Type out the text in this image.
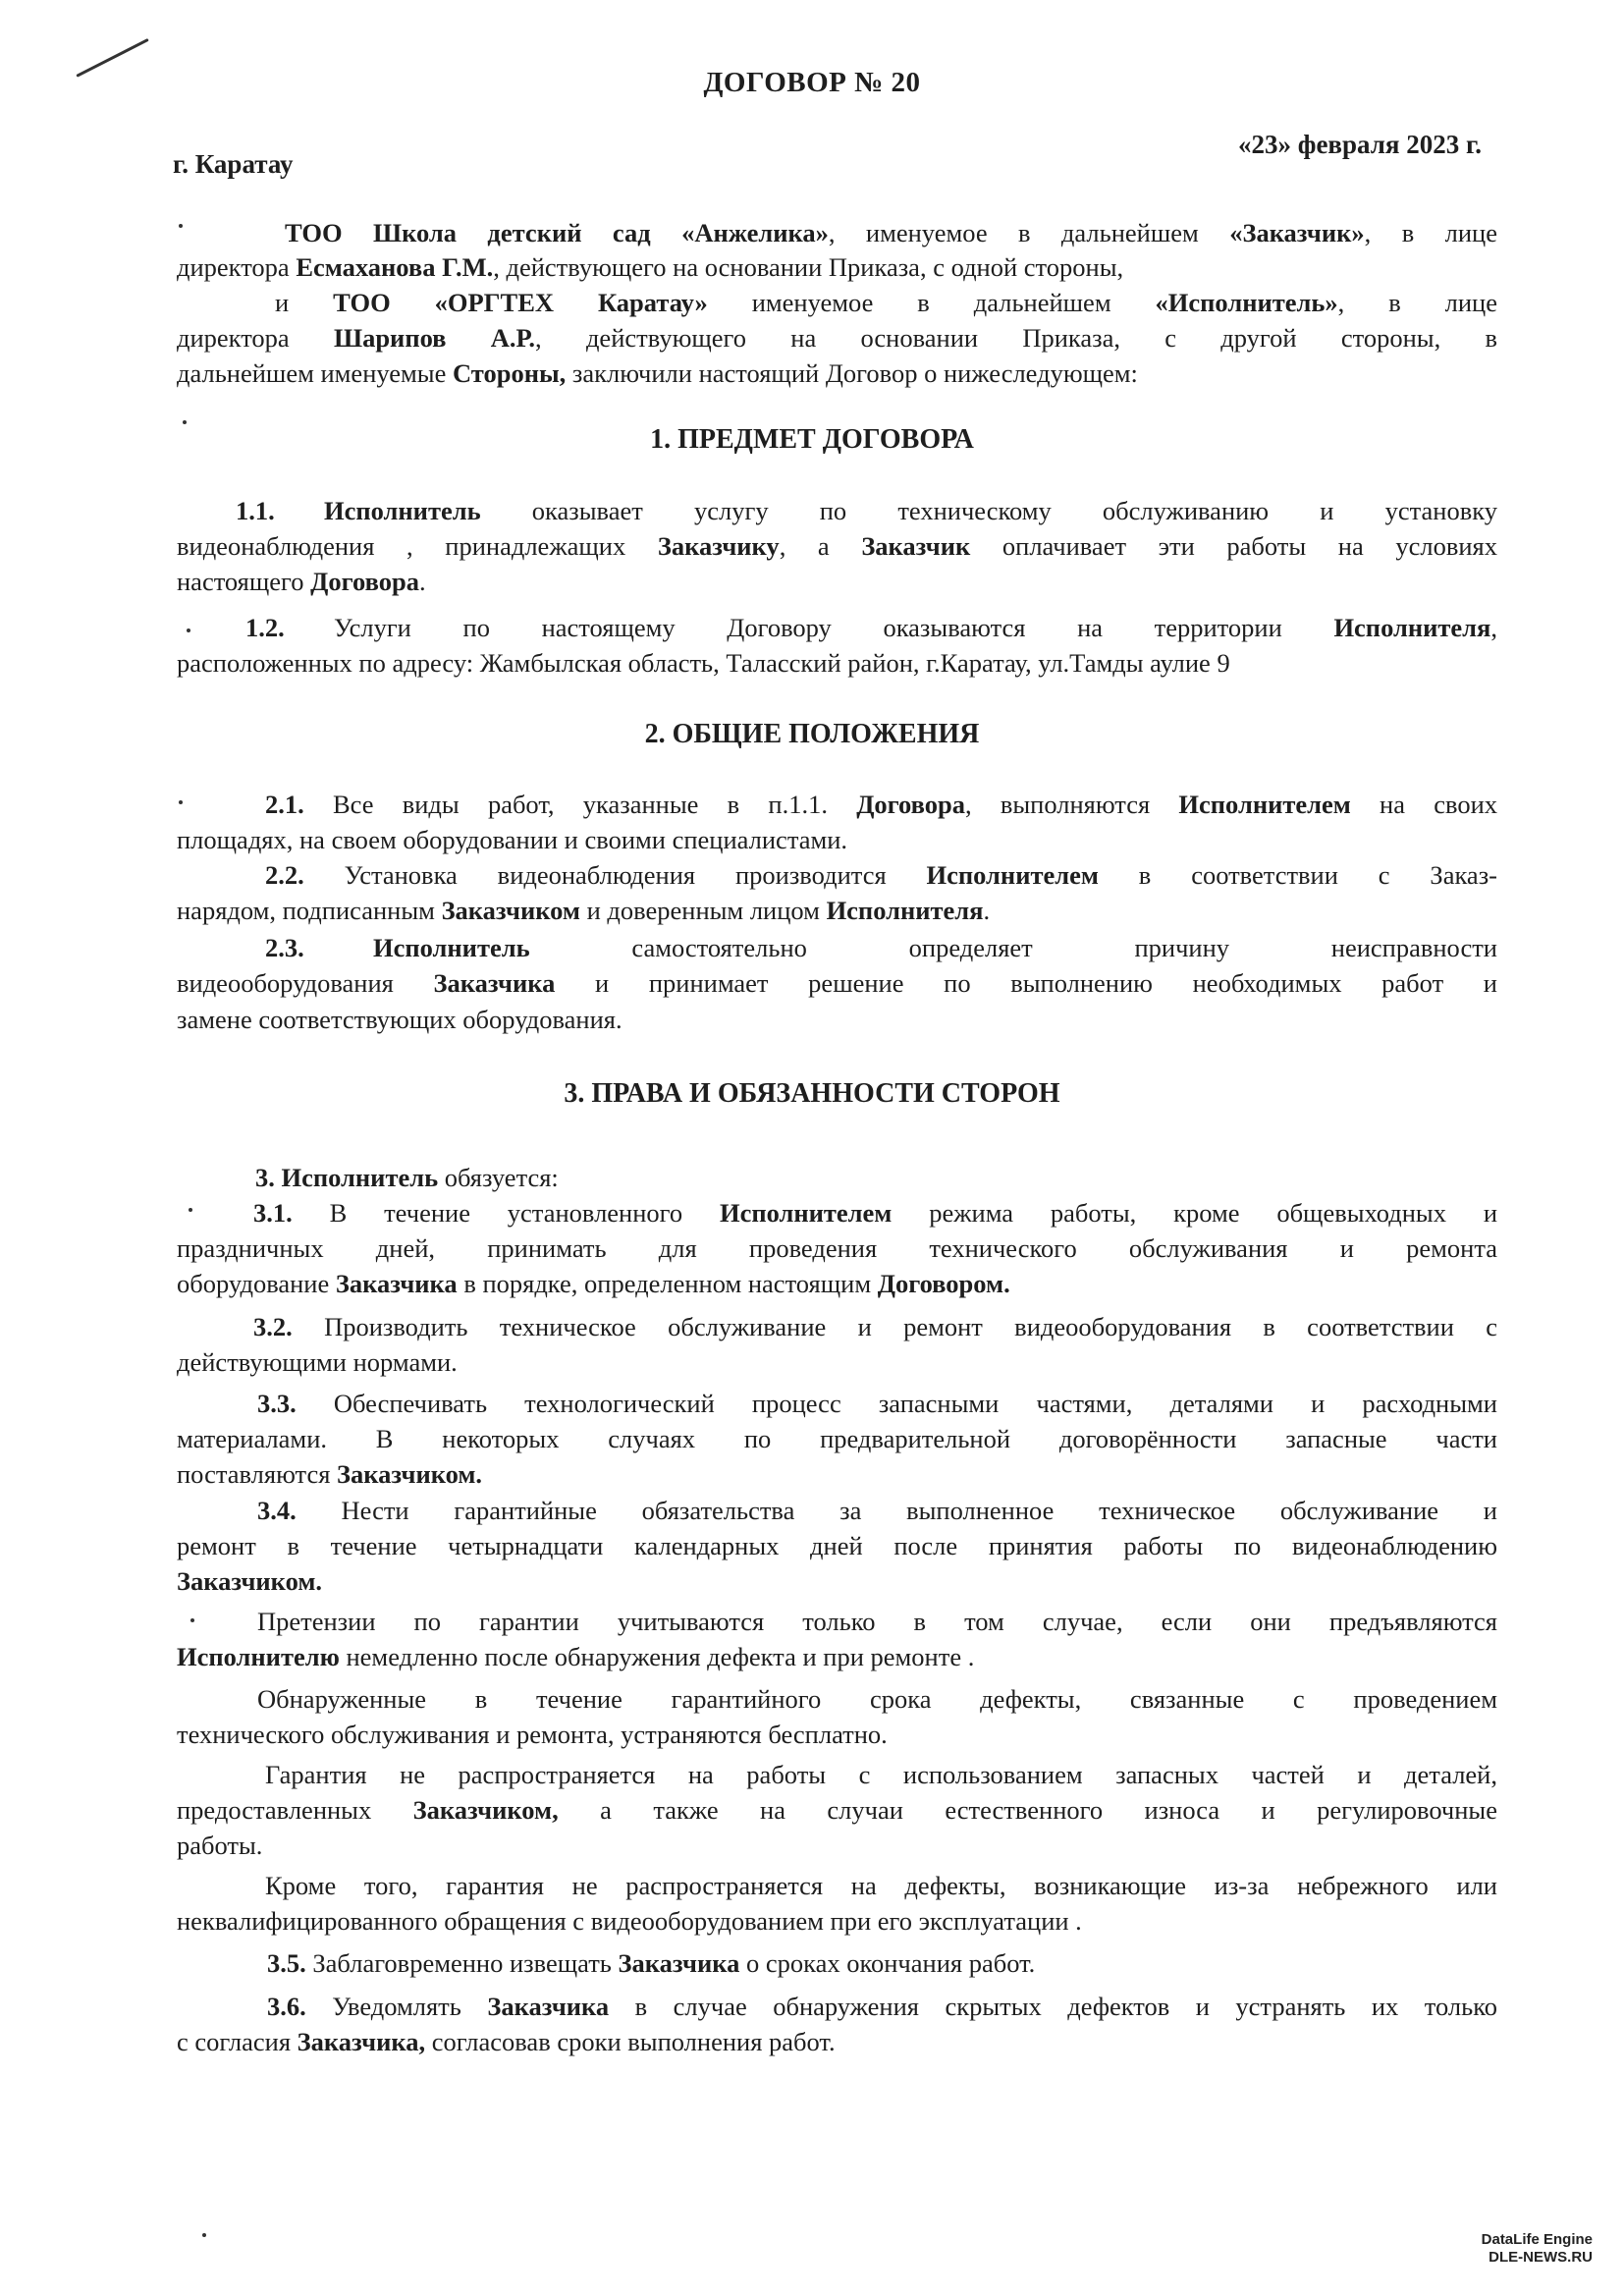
ДОГОВОР № 20
г. Каратау
«23» февраля 2023 г.
ТОО Школа детский сад «Анжелика», именуемое в дальнейшем «Заказчик», в лице
директора Есмаханова Г.М., действующего на основании Приказа, с одной стороны,
и ТОО «ОРГТЕХ Каратау» именуемое в дальнейшем «Исполнитель», в лице
директора Шарипов А.Р., действующего на основании Приказа, с другой стороны, в
дальнейшем именуемые Стороны, заключили настоящий Договор о нижеследующем:
1. ПРЕДМЕТ ДОГОВОРА
1.1. Исполнитель оказывает услугу по техническому обслуживанию и установку
видеонаблюдения , принадлежащих Заказчику, а Заказчик оплачивает эти работы на условиях
настоящего Договора.
1.2. Услуги по настоящему Договору оказываются на территории Исполнителя,
расположенных по адресу: Жамбылская область, Таласский район, г.Каратау, ул.Тамды аулие 9
2. ОБЩИЕ ПОЛОЖЕНИЯ
2.1. Все виды работ, указанные в п.1.1. Договора, выполняются Исполнителем на своих
площадях, на своем оборудовании и своими специалистами.
2.2. Установка видеонаблюдения производится Исполнителем в соответствии с Заказ-
нарядом, подписанным Заказчиком и доверенным лицом Исполнителя.
2.3.	Исполнитель самостоятельно определяет причину неисправности
видеооборудования Заказчика и принимает решение по выполнению необходимых работ и
замене соответствующих оборудования.
3. ПРАВА И ОБЯЗАННОСТИ СТОРОН
3. Исполнитель обязуется:
3.1. В течение установленного Исполнителем режима работы, кроме общевыходных и
праздничных дней, принимать для проведения технического обслуживания и ремонта
оборудование Заказчика в порядке, определенном настоящим Договором.
3.2. Производить техническое обслуживание и ремонт видеооборудования в соответствии с
действующими нормами.
3.3. Обеспечивать технологический процесс запасными частями, деталями и расходными
материалами. В некоторых случаях по предварительной договорённости запасные части
поставляются Заказчиком.
3.4. Нести гарантийные обязательства за выполненное техническое обслуживание и
ремонт в течение четырнадцати календарных дней после принятия работы по видеонаблюдению
Заказчиком.
Претензии по гарантии учитываются только в том случае, если они предъявляются
Исполнителю немедленно после обнаружения дефекта и при ремонте .
Обнаруженные в течение гарантийного срока дефекты, связанные с проведением
технического обслуживания и ремонта, устраняются бесплатно.
Гарантия не распространяется на работы с использованием запасных частей и деталей,
предоставленных Заказчиком, а также на случаи естественного износа и регулировочные
работы.
Кроме того, гарантия не распространяется на дефекты, возникающие из-за небрежного или
неквалифицированного обращения с видеооборудованием при его эксплуатации .
3.5. Заблаговременно извещать Заказчика о сроках окончания работ.
3.6. Уведомлять Заказчика в случае обнаружения скрытых дефектов и устранять их только
с согласия Заказчика, согласовав сроки выполнения работ.
DataLife Engine
DLE-NEWS.RU
